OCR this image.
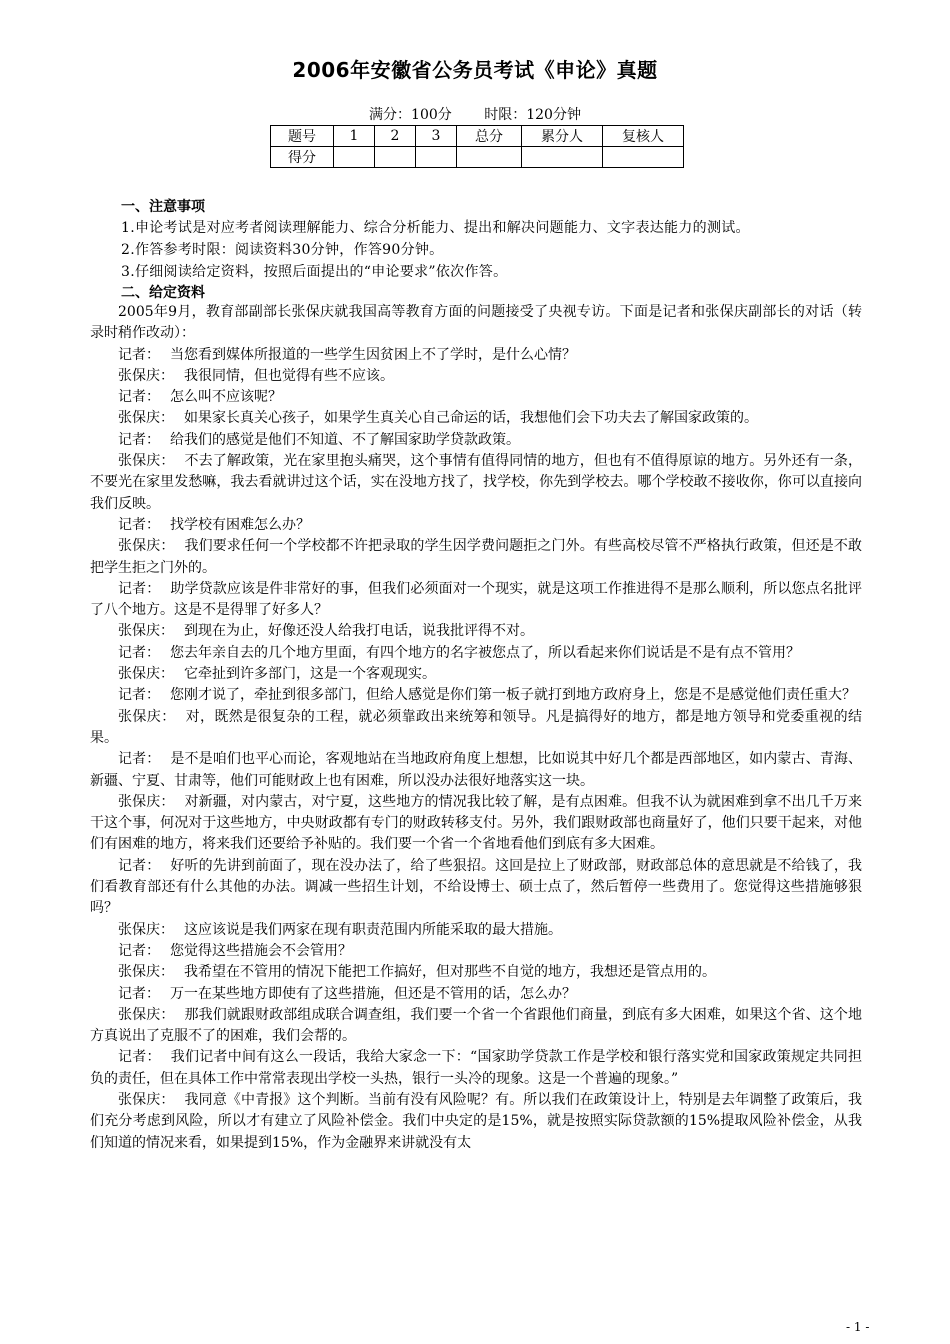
2006年安徽省公务员考试《申论》真题
满分：100分 时限：120分钟
题号	1	2	3	总分	累分人	复核人
得分						
一、注意事项
1.申论考试是对应考者阅读理解能力、综合分析能力、提出和解决问题能力、文字表达能力的测试。
2.作答参考时限：阅读资料30分钟，作答90分钟。
3.仔细阅读给定资料，按照后面提出的“申论要求”依次作答。
二、给定资料

2005年9月，教育部副部长张保庆就我国高等教育方面的问题接受了央视专访。下面是记者和张保庆副部长的对话（转录时稍作改动）：

记者： 当您看到媒体所报道的一些学生因贫困上不了学时，是什么心情？

张保庆： 我很同情，但也觉得有些不应该。

记者： 怎么叫不应该呢？

张保庆： 如果家长真关心孩子，如果学生真关心自己命运的话，我想他们会下功夫去了解国家政策的。

记者： 给我们的感觉是他们不知道、不了解国家助学贷款政策。

张保庆： 不去了解政策，光在家里抱头痛哭，这个事情有值得同情的地方，但也有不值得原谅的地方。另外还有一条，不要光在家里发愁嘛，我去看就讲过这个话，实在没地方找了，找学校，你先到学校去。哪个学校敢不接收你，你可以直接向我们反映。

记者： 找学校有困难怎么办？

张保庆： 我们要求任何一个学校都不许把录取的学生因学费问题拒之门外。有些高校尽管不严格执行政策，但还是不敢把学生拒之门外的。

记者： 助学贷款应该是件非常好的事，但我们必须面对一个现实，就是这项工作推进得不是那么顺利，所以您点名批评了八个地方。这是不是得罪了好多人？

张保庆： 到现在为止，好像还没人给我打电话，说我批评得不对。

记者： 您去年亲自去的几个地方里面，有四个地方的名字被您点了，所以看起来你们说话是不是有点不管用？

张保庆： 它牵扯到许多部门，这是一个客观现实。

记者： 您刚才说了，牵扯到很多部门，但给人感觉是你们第一板子就打到地方政府身上，您是不是感觉他们责任重大？

张保庆： 对，既然是很复杂的工程，就必须靠政出来统筹和领导。凡是搞得好的地方，都是地方领导和党委重视的结果。

记者： 是不是咱们也平心而论，客观地站在当地政府角度上想想，比如说其中好几个都是西部地区，如内蒙古、青海、新疆、宁夏、甘肃等，他们可能财政上也有困难，所以没办法很好地落实这一块。

张保庆： 对新疆，对内蒙古，对宁夏，这些地方的情况我比较了解，是有点困难。但我不认为就困难到拿不出几千万来干这个事，何况对于这些地方，中央财政都有专门的财政转移支付。另外，我们跟财政部也商量好了，他们只要干起来，对他们有困难的地方，将来我们还要给予补贴的。我们要一个省一个省地看他们到底有多大困难。

记者： 好听的先讲到前面了，现在没办法了，给了些狠招。这回是拉上了财政部，财政部总体的意思就是不给钱了，我们看教育部还有什么其他的办法。调减一些招生计划，不给设博士、硕士点了，然后暂停一些费用了。您觉得这些措施够狠吗？

张保庆： 这应该说是我们两家在现有职责范围内所能采取的最大措施。

记者： 您觉得这些措施会不会管用？

张保庆： 我希望在不管用的情况下能把工作搞好，但对那些不自觉的地方，我想还是管点用的。

记者： 万一在某些地方即使有了这些措施，但还是不管用的话，怎么办？

张保庆： 那我们就跟财政部组成联合调查组，我们要一个省一个省跟他们商量，到底有多大困难，如果这个省、这个地方真说出了克服不了的困难，我们会帮的。

记者： 我们记者中间有这么一段话，我给大家念一下：“国家助学贷款工作是学校和银行落实党和国家政策规定共同担负的责任，但在具体工作中常常表现出学校一头热，银行一头冷的现象。这是一个普遍的现象。”

张保庆： 我同意《中青报》这个判断。当前有没有风险呢？有。所以我们在政策设计上，特别是去年调整了政策后，我们充分考虑到风险，所以才有建立了风险补偿金。我们中央定的是15%，就是按照实际贷款额的15%提取风险补偿金，从我们知道的情况来看，如果提到15%，作为金融界来讲就没有太

- 1 -
